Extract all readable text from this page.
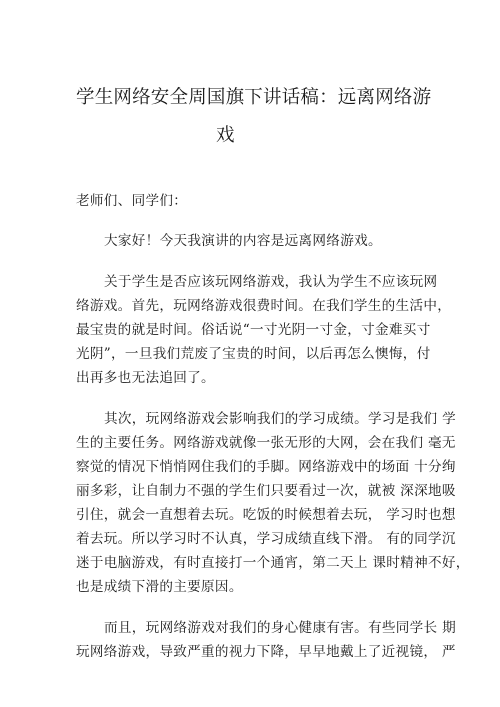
学生网络安全周国旗下讲话稿：远离网络游
戏
老师们、同学们：
大家好！今天我演讲的内容是远离网络游戏。
关于学生是否应该玩网络游戏，我认为学生不应该玩网
络游戏。首先，玩网络游戏很费时间。在我们学生的生活中，
最宝贵的就是时间。俗话说“一寸光阴一寸金，寸金难买寸
光阴”，一旦我们荒废了宝贵的时间，以后再怎么懊悔，付
出再多也无法追回了。
其次，玩网络游戏会影响我们的学习成绩。学习是我们 学
生的主要任务。网络游戏就像一张无形的大网，会在我们 毫无
察觉的情况下悄悄网住我们的手脚。网络游戏中的场面 十分绚
丽多彩，让自制力不强的学生们只要看过一次，就被 深深地吸
引住，就会一直想着去玩。吃饭的时候想着去玩， 学习时也想
着去玩。所以学习时不认真，学习成绩直线下滑。 有的同学沉
迷于电脑游戏，有时直接打一个通宵，第二天上 课时精神不好，
也是成绩下滑的主要原因。
而且，玩网络游戏对我们的身心健康有害。有些同学长 期
玩网络游戏，导致严重的视力下降，早早地戴上了近视镜， 严
